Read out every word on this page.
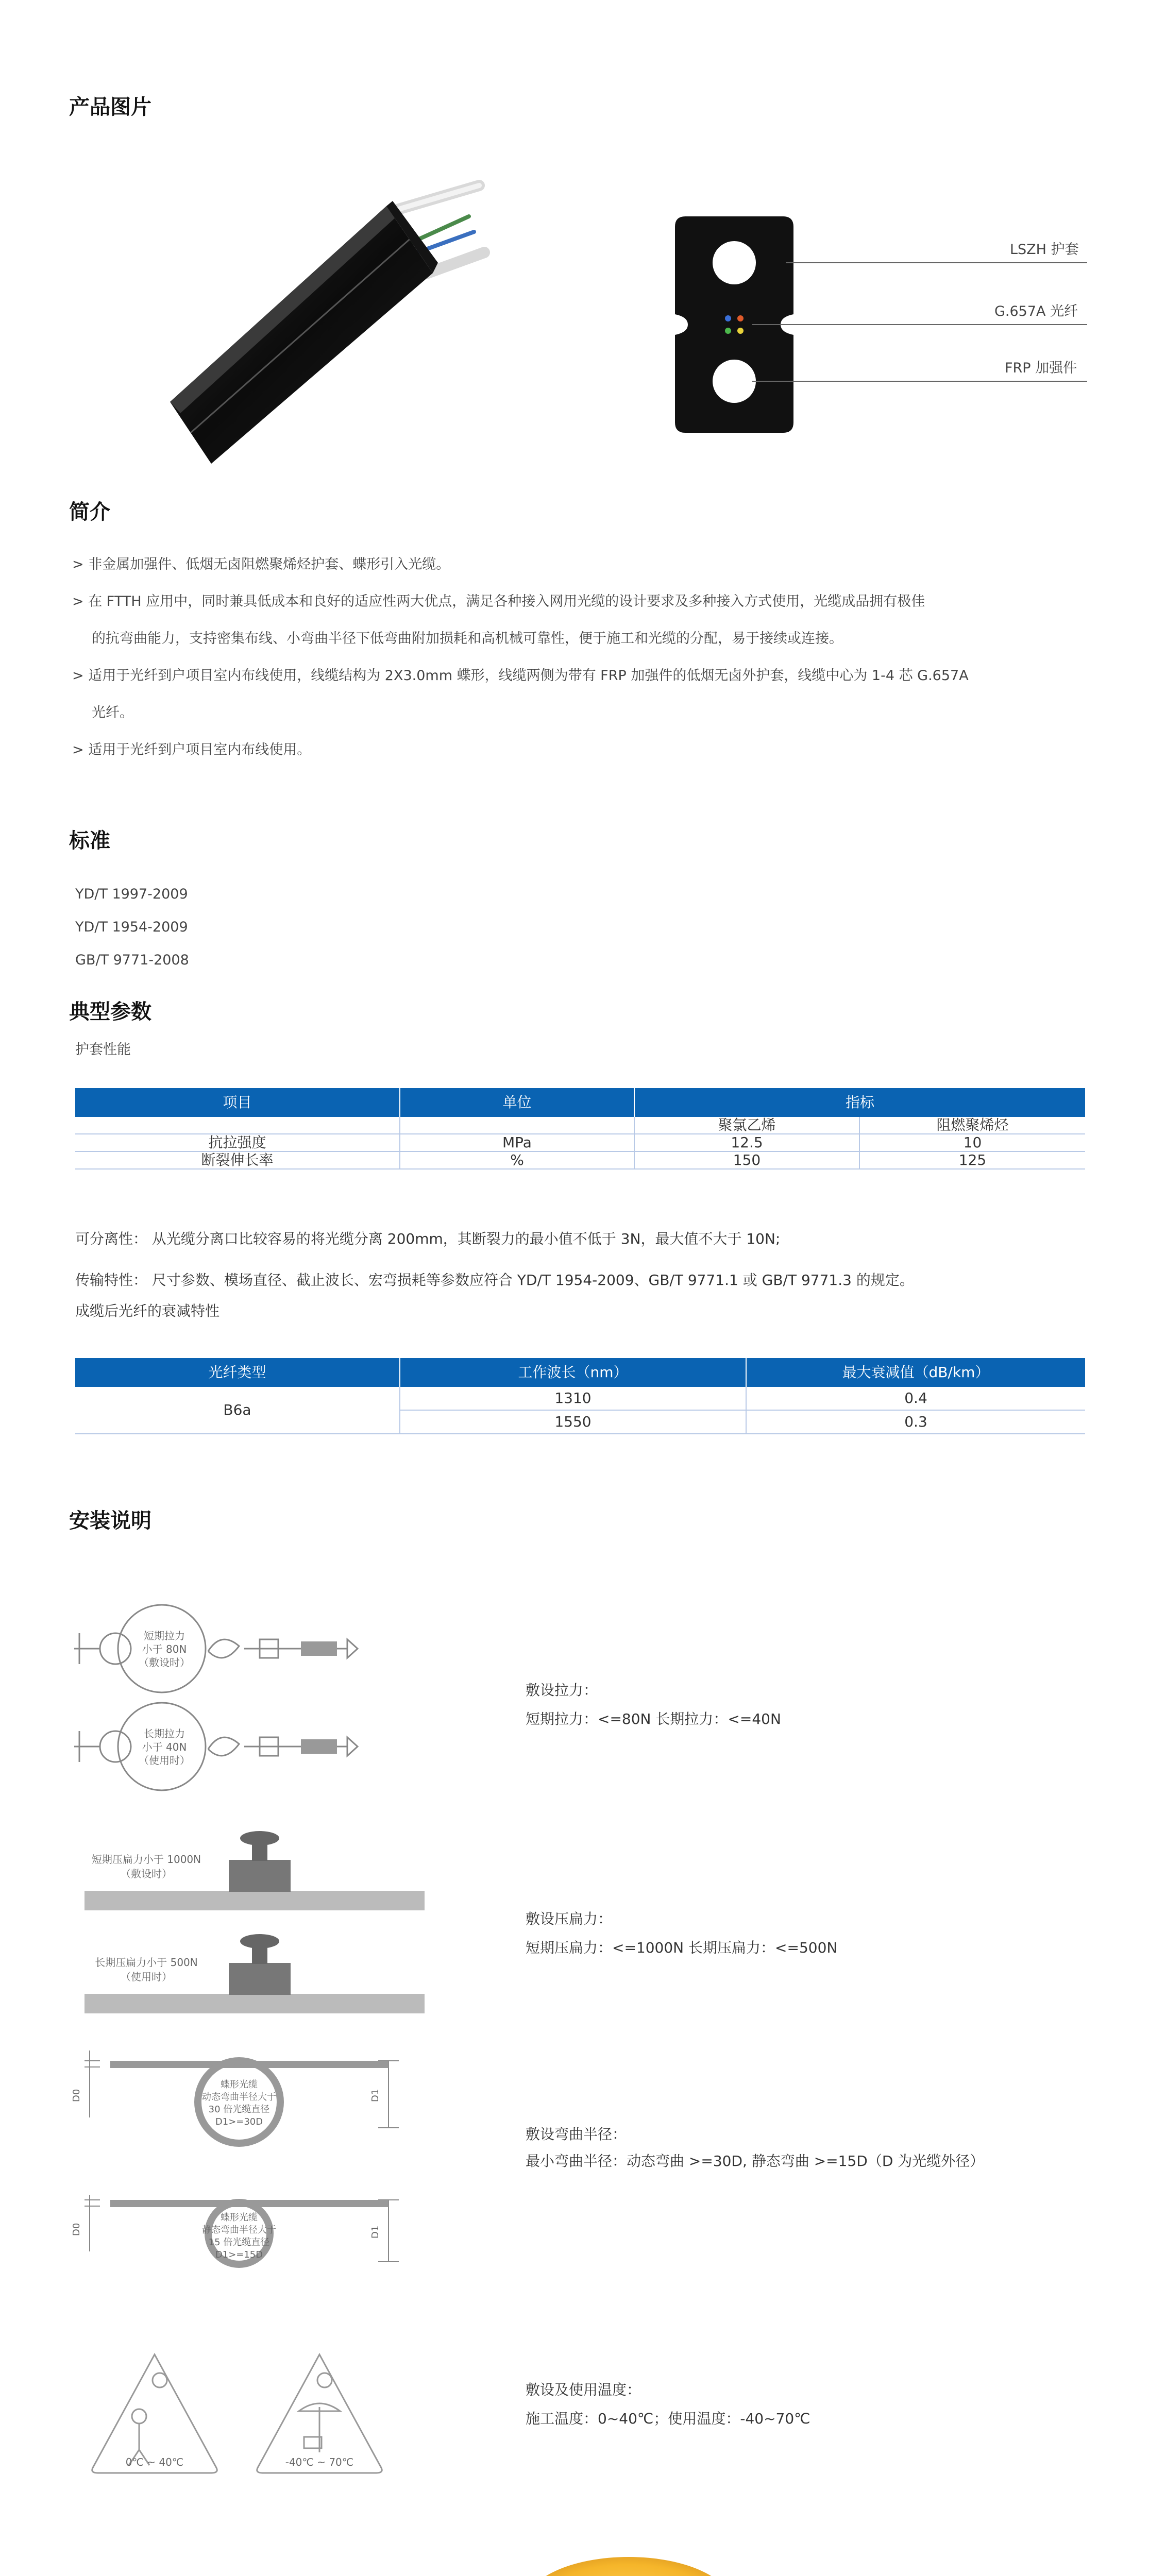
产品图片
LSZH 护套
G.657A 光纤
FRP 加强件
简介
> 非金属加强件、低烟无卤阻燃聚烯烃护套、蝶形引入光缆。
> 在 FTTH 应用中，同时兼具低成本和良好的适应性两大优点，满足各种接入网用光缆的设计要求及多种接入方式使用，光缆成品拥有极佳
的抗弯曲能力，支持密集布线、小弯曲半径下低弯曲附加损耗和高机械可靠性，便于施工和光缆的分配，易于接续或连接。
> 适用于光纤到户项目室内布线使用，线缆结构为 2X3.0mm 蝶形，线缆两侧为带有 FRP 加强件的低烟无卤外护套，线缆中心为 1-4 芯 G.657A
光纤。
> 适用于光纤到户项目室内布线使用。
标准
YD/T 1997-2009
YD/T 1954-2009
GB/T 9771-2008
典型参数
护套性能
项目	单位	指标	
		聚氯乙烯	阻燃聚烯烃
抗拉强度	MPa	12.5	10
断裂伸长率	%	150	125
可分离性： 从光缆分离口比较容易的将光缆分离 200mm，其断裂力的最小值不低于 3N，最大值不大于 10N;
传输特性： 尺寸参数、模场直径、截止波长、宏弯损耗等参数应符合 YD/T 1954-2009、GB/T 9771.1 或 GB/T 9771.3 的规定。
成缆后光纤的衰减特性
光纤类型	工作波长（nm）	最大衰减值（dB/km）
B6a	1310	0.4
	1550	0.3
安装说明
短期拉力
小于 80N
（敷设时）
长期拉力
小于 40N
（使用时）
敷设拉力：
短期拉力：<=80N 长期拉力：<=40N
短期压扁力小于 1000N
（敷设时）
长期压扁力小于 500N
（使用时）
敷设压扁力：
短期压扁力：<=1000N 长期压扁力：<=500N
D0	D1
D0	D1
蝶形光缆
动态弯曲半径大于
30 倍光缆直径
D1>=30D
蝶形光缆
静态弯曲半径大于
15 倍光缆直径
D1>=15D
敷设弯曲半径：
最小弯曲半径：动态弯曲 >=30D, 静态弯曲 >=15D（D 为光缆外径）
0℃ ~ 40℃	-40℃ ~ 70℃
敷设及使用温度：
施工温度：0~40℃；使用温度：-40~70℃
